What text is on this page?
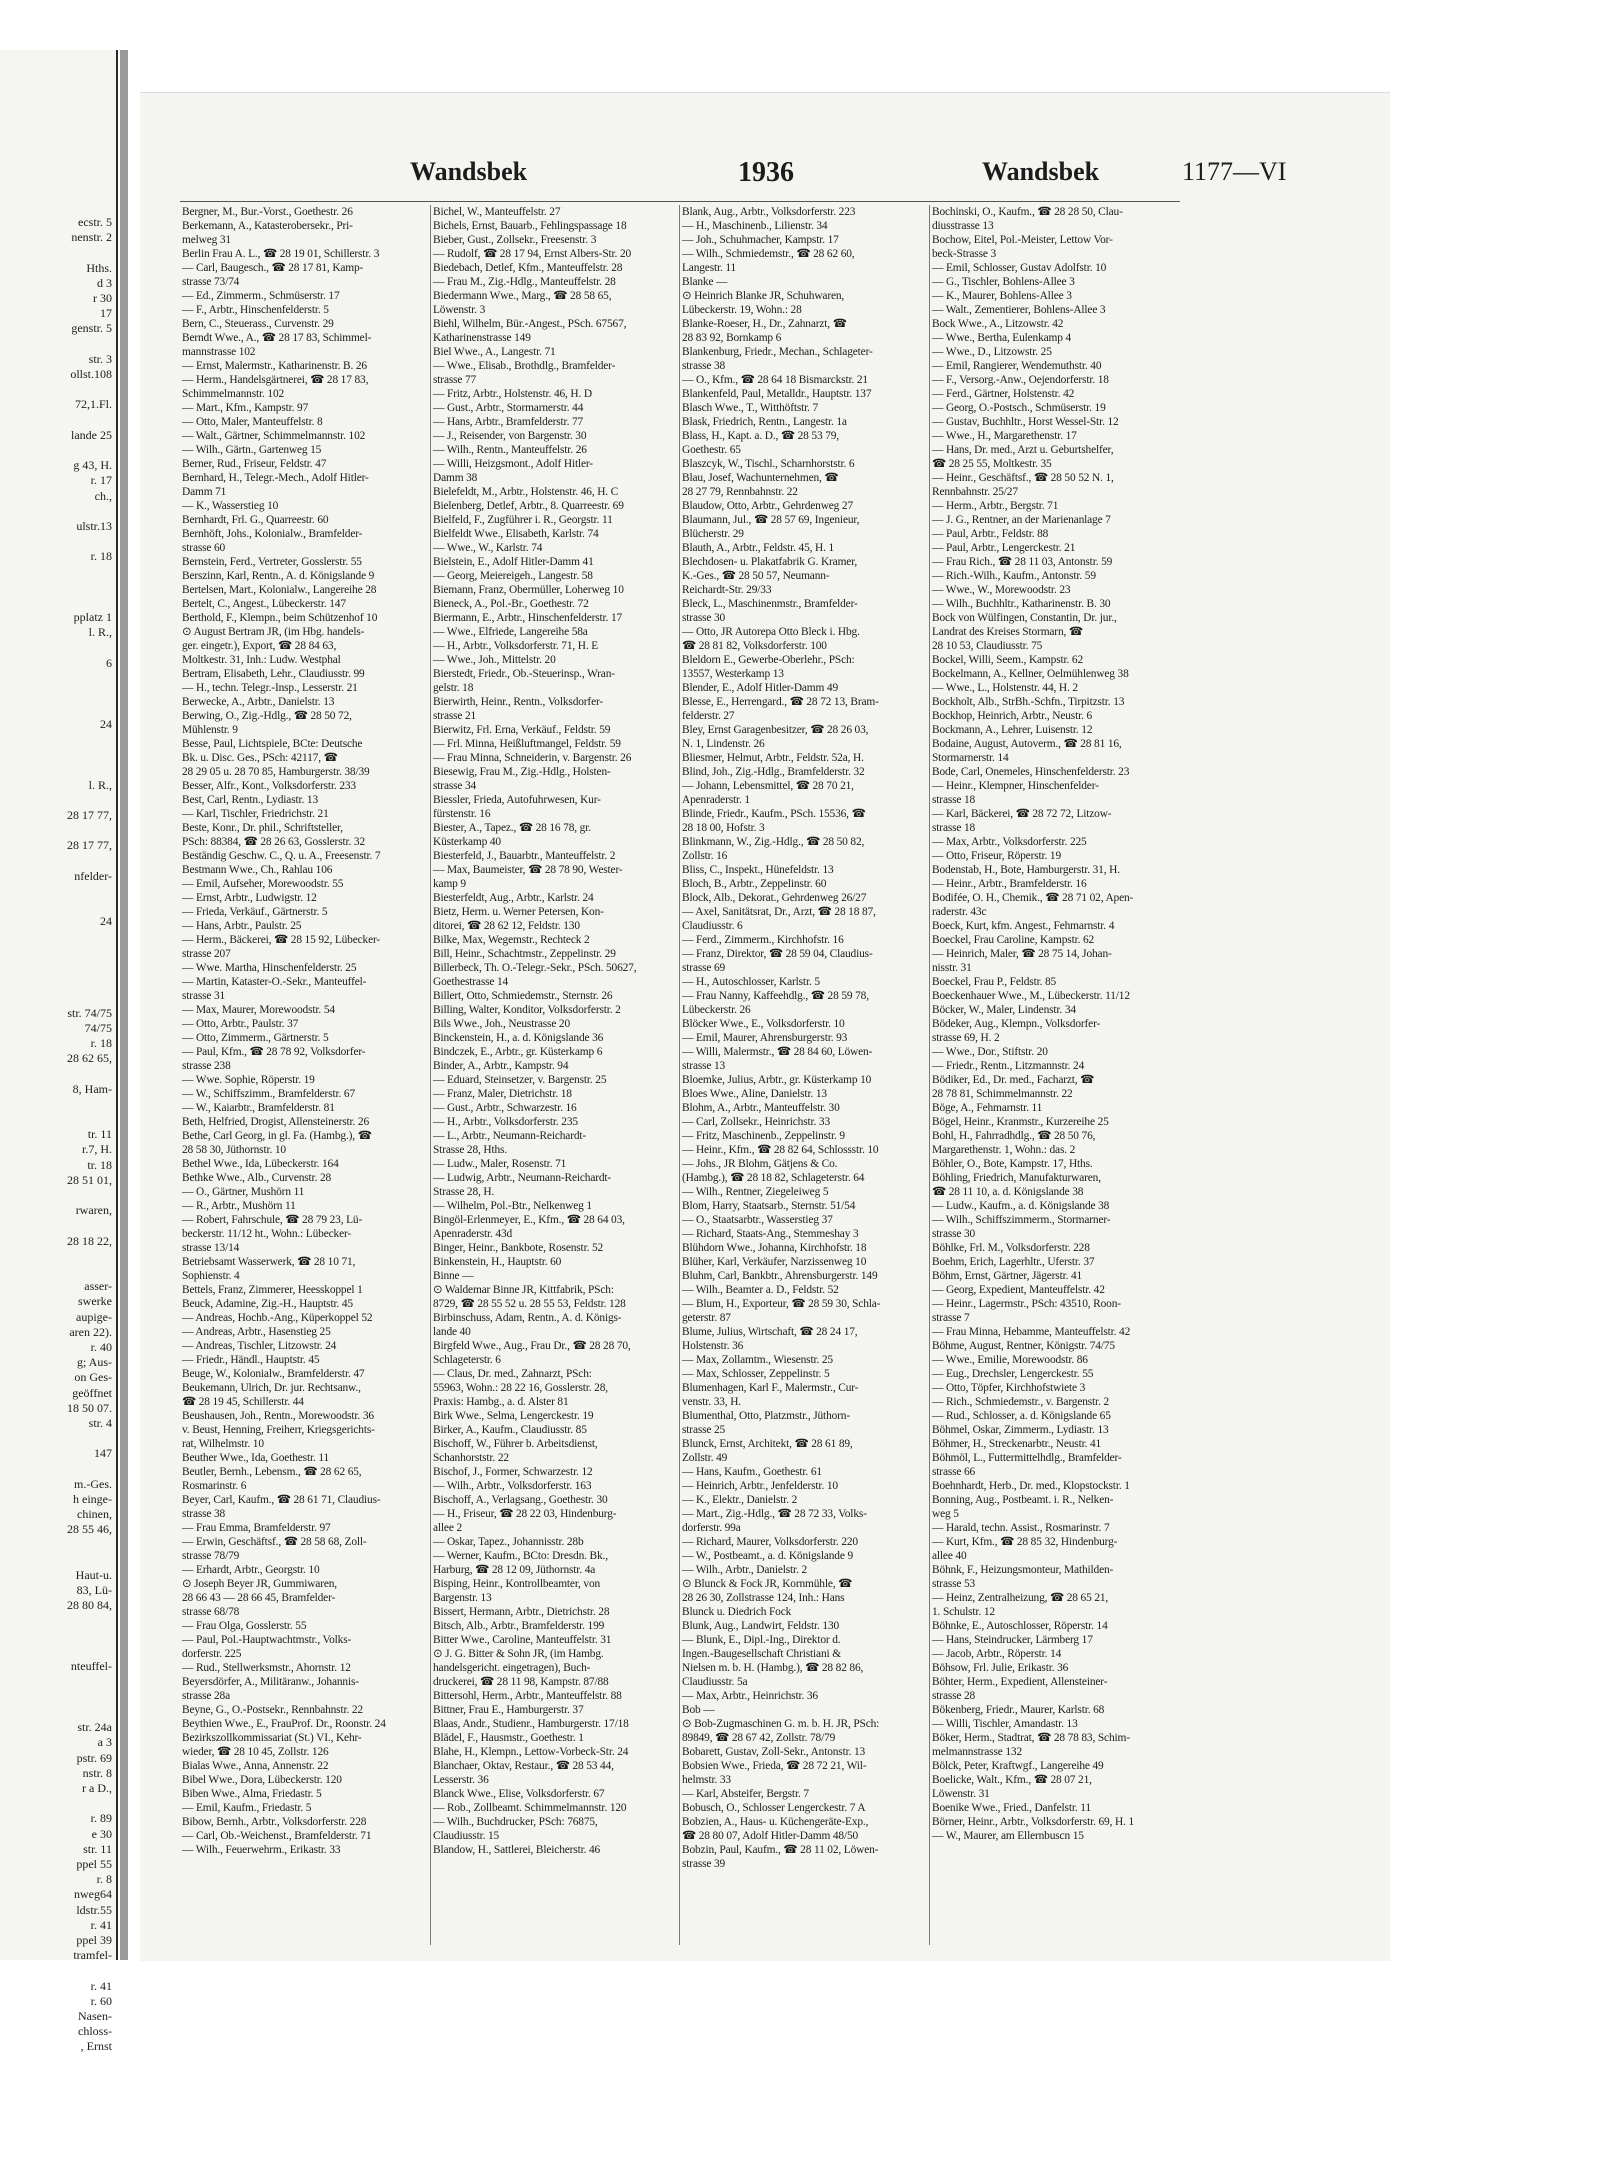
ecstr. 5
nenstr. 2

Hths.
d 3
r 30
17
genstr. 5

str. 3
ollst.108

72,1.Fl.

lande 25

g 43, H.
r. 17
ch.,

ulstr.13

r. 18

pplatz 1
l. R.,

6

24

l. R.,

28 17 77,

28 17 77,

nfelder-

24

str. 74/75
74/75
r. 18
28 62 65,

8, Ham-

tr. 11
r.7, H.
tr. 18
28 51 01,

rwaren,

28 18 22,

asser-
swerke
aupige-
aren 22).
r. 40
g; Aus-
on Ges-
geöffnet
18 50 07.
str. 4

147

m.-Ges.
h einge-
chinen,
28 55 46,

Haut-u.
83, Lü-
28 80 84,

nteuffel-

str. 24a
a 3
pstr. 69
nstr. 8
r a D.,

r. 89
e 30
str. 11
ppel 55
r. 8
nweg64
ldstr.55
r. 41
ppel 39
tramfel-

r. 41
r. 60
Nasen-
chloss-
, Ernst
Wandsbek	1936	Wandsbek	1177—VI
Bergner, M., Bur.-Vorst., Goethestr. 26
Berkemann, A., Katasterobersekr., Pri-
melweg 31
Berlin Frau A. L., ☎ 28 19 01, Schillerstr. 3
— Carl, Baugesch., ☎ 28 17 81, Kamp-
strasse 73/74
— Ed., Zimmerm., Schmüserstr. 17
— F., Arbtr., Hinschenfelderstr. 5
Bern, C., Steuerass., Curvenstr. 29
Berndt Wwe., A., ☎ 28 17 83, Schimmel-
mannstrasse 102
— Ernst, Malermstr., Katharinenstr. B. 26
— Herm., Handelsgärtnerei, ☎ 28 17 83,
Schimmelmannstr. 102
— Mart., Kfm., Kampstr. 97
— Otto, Maler, Manteuffelstr. 8
— Walt., Gärtner, Schimmelmannstr. 102
— Wilh., Gärtn., Gartenweg 15
Berner, Rud., Friseur, Feldstr. 47
Bernhard, H., Telegr.-Mech., Adolf Hitler-
Damm 71
— K., Wasserstieg 10
Bernhardt, Frl. G., Quarreestr. 60
Bernhöft, Johs., Kolonialw., Bramfelder-
strasse 60
Bernstein, Ferd., Vertreter, Gosslerstr. 55
Berszinn, Karl, Rentn., A. d. Königslande 9
Bertelsen, Mart., Kolonialw., Langereihe 28
Bertelt, C., Angest., Lübeckerstr. 147
Berthold, F., Klempn., beim Schützenhof 10
⊙ August Bertram JR, (im Hbg. handels-
ger. eingetr.), Export, ☎ 28 84 63,
Moltkestr. 31, Inh.: Ludw. Westphal
Bertram, Elisabeth, Lehr., Claudiusstr. 99
— H., techn. Telegr.-Insp., Lesserstr. 21
Berwecke, A., Arbtr., Danielstr. 13
Berwing, O., Zig.-Hdlg., ☎ 28 50 72,
Mühlenstr. 9
Besse, Paul, Lichtspiele, BCte: Deutsche
Bk. u. Disc. Ges., PSch: 42117, ☎
28 29 05 u. 28 70 85, Hamburgerstr. 38/39
Besser, Alfr., Kont., Volksdorferstr. 233
Best, Carl, Rentn., Lydiastr. 13
— Karl, Tischler, Friedrichstr. 21
Beste, Konr., Dr. phil., Schriftsteller,
PSch: 88384, ☎ 28 26 63, Gosslerstr. 32
Beständig Geschw. C., Q. u. A., Freesenstr. 7
Bestmann Wwe., Ch., Rahlau 106
— Emil, Aufseher, Morewoodstr. 55
— Ernst, Arbtr., Ludwigstr. 12
— Frieda, Verkäuf., Gärtnerstr. 5
— Hans, Arbtr., Paulstr. 25
— Herm., Bäckerei, ☎ 28 15 92, Lübecker-
strasse 207
— Wwe. Martha, Hinschenfelderstr. 25
— Martin, Kataster-O.-Sekr., Manteuffel-
strasse 31
— Max, Maurer, Morewoodstr. 54
— Otto, Arbtr., Paulstr. 37
— Otto, Zimmerm., Gärtnerstr. 5
— Paul, Kfm., ☎ 28 78 92, Volksdorfer-
strasse 238
— Wwe. Sophie, Röperstr. 19
— W., Schiffszimm., Bramfelderstr. 67
— W., Kaiarbtr., Bramfelderstr. 81
Beth, Helfried, Drogist, Allensteinerstr. 26
Bethe, Carl Georg, in gl. Fa. (Hambg.), ☎
28 58 30, Jüthornstr. 10
Bethel Wwe., Ida, Lübeckerstr. 164
Bethke Wwe., Alb., Curvenstr. 28
— O., Gärtner, Mushörn 11
— R., Arbtr., Mushörn 11
— Robert, Fahrschule, ☎ 28 79 23, Lü-
beckerstr. 11/12 ht., Wohn.: Lübecker-
strasse 13/14
Betriebsamt Wasserwerk, ☎ 28 10 71,
Sophienstr. 4
Bettels, Franz, Zimmerer, Heesskoppel 1
Beuck, Adamine, Zig.-H., Hauptstr. 45
— Andreas, Hochb.-Ang., Küperkoppel 52
— Andreas, Arbtr., Hasenstieg 25
— Andreas, Tischler, Litzowstr. 24
— Friedr., Händl., Hauptstr. 45
Beuge, W., Kolonialw., Bramfelderstr. 47
Beukemann, Ulrich, Dr. jur. Rechtsanw.,
☎ 28 19 45, Schillerstr. 44
Beushausen, Joh., Rentn., Morewoodstr. 36
v. Beust, Henning, Freiherr, Kriegsgerichts-
rat, Wilhelmstr. 10
Beuther Wwe., Ida, Goethestr. 11
Beutler, Bernh., Lebensm., ☎ 28 62 65,
Rosmarinstr. 6
Beyer, Carl, Kaufm., ☎ 28 61 71, Claudius-
strasse 38
— Frau Emma, Bramfelderstr. 97
— Erwin, Geschäftsf., ☎ 28 58 68, Zoll-
strasse 78/79
— Erhardt, Arbtr., Georgstr. 10
⊙ Joseph Beyer JR, Gummiwaren,
28 66 43 — 28 66 45, Bramfelder-
strasse 68/78
— Frau Olga, Gosslerstr. 55
— Paul, Pol.-Hauptwachtmstr., Volks-
dorferstr. 225
— Rud., Stellwerksmstr., Ahornstr. 12
Beyersdörfer, A., Militäranw., Johannis-
strasse 28a
Beyne, G., O.-Postsekr., Rennbahnstr. 22
Beythien Wwe., E., FrauProf. Dr., Roonstr. 24
Bezirkszollkommissariat (St.) VI., Kehr-
wieder, ☎ 28 10 45, Zollstr. 126
Bialas Wwe., Anna, Annenstr. 22
Bibel Wwe., Dora, Lübeckerstr. 120
Biben Wwe., Alma, Friedastr. 5
— Emil, Kaufm., Friedastr. 5
Bibow, Bernh., Arbtr., Volksdorferstr. 228
— Carl, Ob.-Weichenst., Bramfelderstr. 71
— Wilh., Feuerwehrm., Erikastr. 33
Bichel, W., Manteuffelstr. 27
Bichels, Ernst, Bauarb., Fehlingspassage 18
Bieber, Gust., Zollsekr., Freesenstr. 3
— Rudolf, ☎ 28 17 94, Ernst Albers-Str. 20
Biedebach, Detlef, Kfm., Manteuffelstr. 28
— Frau M., Zig.-Hdlg., Manteuffelstr. 28
Biedermann Wwe., Marg., ☎ 28 58 65,
Löwenstr. 3
Biehl, Wilhelm, Bür.-Angest., PSch. 67567,
Katharinenstrasse 149
Biel Wwe., A., Langestr. 71
— Wwe., Elisab., Brothdlg., Bramfelder-
strasse 77
— Fritz, Arbtr., Holstenstr. 46, H. D
— Gust., Arbtr., Stormarnerstr. 44
— Hans, Arbtr., Bramfelderstr. 77
— J., Reisender, von Bargenstr. 30
— Wilh., Rentn., Manteuffelstr. 26
— Willi, Heizgsmont., Adolf Hitler-
Damm 38
Bielefeldt, M., Arbtr., Holstenstr. 46, H. C
Bielenberg, Detlef, Arbtr., 8. Quarreestr. 69
Bielfeld, F., Zugführer i. R., Georgstr. 11
Bielfeldt Wwe., Elisabeth, Karlstr. 74
— Wwe., W., Karlstr. 74
Bielstein, E., Adolf Hitler-Damm 41
— Georg, Meiereigeh., Langestr. 58
Biemann, Franz, Obermüller, Loherweg 10
Bieneck, A., Pol.-Br., Goethestr. 72
Biermann, E., Arbtr., Hinschenfelderstr. 17
— Wwe., Elfriede, Langereihe 58a
— H., Arbtr., Volksdorferstr. 71, H. E
— Wwe., Joh., Mittelstr. 20
Bierstedt, Friedr., Ob.-Steuerinsp., Wran-
gelstr. 18
Bierwirth, Heinr., Rentn., Volksdorfer-
strasse 21
Bierwitz, Frl. Erna, Verkäuf., Feldstr. 59
— Frl. Minna, Heißluftmangel, Feldstr. 59
— Frau Minna, Schneiderin, v. Bargenstr. 26
Biesewig, Frau M., Zig.-Hdlg., Holsten-
strasse 34
Biessler, Frieda, Autofuhrwesen, Kur-
fürstenstr. 16
Biester, A., Tapez., ☎ 28 16 78, gr.
Küsterkamp 40
Biesterfeld, J., Bauarbtr., Manteuffelstr. 2
— Max, Baumeister, ☎ 28 78 90, Wester-
kamp 9
Biesterfeldt, Aug., Arbtr., Karlstr. 24
Bietz, Herm. u. Werner Petersen, Kon-
ditorei, ☎ 28 62 12, Feldstr. 130
Bilke, Max, Wegemstr., Rechteck 2
Bill, Heinr., Schachtmstr., Zeppelinstr. 29
Billerbeck, Th. O.-Telegr.-Sekr., PSch. 50627,
Goethestrasse 14
Billert, Otto, Schmiedemstr., Sternstr. 26
Billing, Walter, Konditor, Volksdorferstr. 2
Bils Wwe., Joh., Neustrasse 20
Binckenstein, H., a. d. Königslande 36
Bindczek, E., Arbtr., gr. Küsterkamp 6
Binder, A., Arbtr., Kampstr. 94
— Eduard, Steinsetzer, v. Bargenstr. 25
— Franz, Maler, Dietrichstr. 18
— Gust., Arbtr., Schwarzestr. 16
— H., Arbtr., Volksdorferstr. 235
— L., Arbtr., Neumann-Reichardt-
Strasse 28, Hths.
— Ludw., Maler, Rosenstr. 71
— Ludwig, Arbtr., Neumann-Reichardt-
Strasse 28, H.
— Wilhelm, Pol.-Btr., Nelkenweg 1
Bingöl-Erlenmeyer, E., Kfm., ☎ 28 64 03,
Apenraderstr. 43d
Binger, Heinr., Bankbote, Rosenstr. 52
Binkenstein, H., Hauptstr. 60
Binne —
⊙ Waldemar Binne JR, Kittfabrik, PSch:
8729, ☎ 28 55 52 u. 28 55 53, Feldstr. 128
Birbinschuss, Adam, Rentn., A. d. Königs-
lande 40
Birgfeld Wwe., Aug., Frau Dr., ☎ 28 28 70,
Schlageterstr. 6
— Claus, Dr. med., Zahnarzt, PSch:
55963, Wohn.: 28 22 16, Gosslerstr. 28,
Praxis: Hambg., a. d. Alster 81
Birk Wwe., Selma, Lengerckestr. 19
Birker, A., Kaufm., Claudiusstr. 85
Bischoff, W., Führer b. Arbeitsdienst,
Schanhorststr. 22
Bischof, J., Former, Schwarzestr. 12
— Wilh., Arbtr., Volksdorferstr. 163
Bischoff, A., Verlagsang., Goethestr. 30
— H., Friseur, ☎ 28 22 03, Hindenburg-
allee 2
— Oskar, Tapez., Johannisstr. 28b
— Werner, Kaufm., BCto: Dresdn. Bk.,
Harburg, ☎ 28 12 09, Jüthornstr. 4a
Bisping, Heinr., Kontrollbeamter, von
Bargenstr. 13
Bissert, Hermann, Arbtr., Dietrichstr. 28
Bitsch, Alb., Arbtr., Bramfelderstr. 199
Bitter Wwe., Caroline, Manteuffelstr. 31
⊙ J. G. Bitter & Sohn JR, (im Hambg.
handelsgericht. eingetragen), Buch-
druckerei, ☎ 28 11 98, Kampstr. 87/88
Bittersohl, Herm., Arbtr., Manteuffelstr. 88
Bittner, Frau E., Hamburgerstr. 37
Blaas, Andr., Studienr., Hamburgerstr. 17/18
Blädel, F., Hausmstr., Goethestr. 1
Blahe, H., Klempn., Lettow-Vorbeck-Str. 24
Blanchaer, Oktav, Restaur., ☎ 28 53 44,
Lesserstr. 36
Blanck Wwe., Elise, Volksdorferstr. 67
— Rob., Zollbeamt. Schimmelmannstr. 120
— Wilh., Buchdrucker, PSch: 76875,
Claudiusstr. 15
Blandow, H., Sattlerei, Bleicherstr. 46
Blank, Aug., Arbtr., Volksdorferstr. 223
— H., Maschinenb., Lilienstr. 34
— Joh., Schuhmacher, Kampstr. 17
— Wilh., Schmiedemstr., ☎ 28 62 60,
Langestr. 11
Blanke —
⊙ Heinrich Blanke JR, Schuhwaren,
Lübeckerstr. 19, Wohn.: 28
Blanke-Roeser, H., Dr., Zahnarzt, ☎
28 83 92, Bornkamp 6
Blankenburg, Friedr., Mechan., Schlageter-
strasse 38
— O., Kfm., ☎ 28 64 18 Bismarckstr. 21
Blankenfeld, Paul, Metalldr., Hauptstr. 137
Blasch Wwe., T., Witthöftstr. 7
Blask, Friedrich, Rentn., Langestr. 1a
Blass, H., Kapt. a. D., ☎ 28 53 79,
Goethestr. 65
Blaszcyk, W., Tischl., Scharnhorststr. 6
Blau, Josef, Wachunternehmen, ☎
28 27 79, Rennbahnstr. 22
Blaudow, Otto, Arbtr., Gehrdenweg 27
Blaumann, Jul., ☎ 28 57 69, Ingenieur,
Blücherstr. 29
Blauth, A., Arbtr., Feldstr. 45, H. 1
Blechdosen- u. Plakatfabrik G. Kramer,
K.-Ges., ☎ 28 50 57, Neumann-
Reichardt-Str. 29/33
Bleck, L., Maschinenmstr., Bramfelder-
strasse 30
— Otto, JR Autorepa Otto Bleck i. Hbg.
☎ 28 81 82, Volksdorferstr. 100
Bleldorn E., Gewerbe-Oberlehr., PSch:
13557, Westerkamp 13
Blender, E., Adolf Hitler-Damm 49
Blesse, E., Herrengard., ☎ 28 72 13, Bram-
felderstr. 27
Bley, Ernst Garagenbesitzer, ☎ 28 26 03,
N. 1, Lindenstr. 26
Bliesmer, Helmut, Arbtr., Feldstr. 52a, H.
Blind, Joh., Zig.-Hdlg., Bramfelderstr. 32
— Johann, Lebensmittel, ☎ 28 70 21,
Apenraderstr. 1
Blinde, Friedr., Kaufm., PSch. 15536, ☎
28 18 00, Hofstr. 3
Blinkmann, W., Zig.-Hdlg., ☎ 28 50 82,
Zollstr. 16
Bliss, C., Inspekt., Hünefeldstr. 13
Bloch, B., Arbtr., Zeppelinstr. 60
Block, Alb., Dekorat., Gehrdenweg 26/27
— Axel, Sanitätsrat, Dr., Arzt, ☎ 28 18 87,
Claudiusstr. 6
— Ferd., Zimmerm., Kirchhofstr. 16
— Franz, Direktor, ☎ 28 59 04, Claudius-
strasse 69
— H., Autoschlosser, Karlstr. 5
— Frau Nanny, Kaffeehdlg., ☎ 28 59 78,
Lübeckerstr. 26
Blöcker Wwe., E., Volksdorferstr. 10
— Emil, Maurer, Ahrensburgerstr. 93
— Willi, Malermstr., ☎ 28 84 60, Löwen-
strasse 13
Bloemke, Julius, Arbtr., gr. Küsterkamp 10
Bloes Wwe., Aline, Danielstr. 13
Blohm, A., Arbtr., Manteuffelstr. 30
— Carl, Zollsekr., Heinrichstr. 33
— Fritz, Maschinenb., Zeppelinstr. 9
— Heinr., Kfm., ☎ 28 82 64, Schlossstr. 10
— Johs., JR Blohm, Gätjens & Co.
(Hambg.), ☎ 28 18 82, Schlageterstr. 64
— Wilh., Rentner, Ziegeleiweg 5
Blom, Harry, Staatsarb., Sternstr. 51/54
— O., Staatsarbtr., Wasserstieg 37
— Richard, Staats-Ang., Stemmeshay 3
Blühdorn Wwe., Johanna, Kirchhofstr. 18
Blüher, Karl, Verkäufer, Narzissenweg 10
Bluhm, Carl, Bankbtr., Ahrensburgerstr. 149
— Wilh., Beamter a. D., Feldstr. 52
— Blum, H., Exporteur, ☎ 28 59 30, Schla-
geterstr. 87
Blume, Julius, Wirtschaft, ☎ 28 24 17,
Holstenstr. 36
— Max, Zollamtm., Wiesenstr. 25
— Max, Schlosser, Zeppelinstr. 5
Blumenhagen, Karl F., Malermstr., Cur-
venstr. 33, H.
Blumenthal, Otto, Platzmstr., Jüthorn-
strasse 25
Blunck, Ernst, Architekt, ☎ 28 61 89,
Zollstr. 49
— Hans, Kaufm., Goethestr. 61
— Heinrich, Arbtr., Jenfelderstr. 10
— K., Elektr., Danielstr. 2
— Mart., Zig.-Hdlg., ☎ 28 72 33, Volks-
dorferstr. 99a
— Richard, Maurer, Volksdorferstr. 220
— W., Postbeamt., a. d. Königslande 9
— Wilh., Arbtr., Danielstr. 2
⊙ Blunck & Fock JR, Kornmühle, ☎
28 26 30, Zollstrasse 124, Inh.: Hans
Blunck u. Diedrich Fock
Blunk, Aug., Landwirt, Feldstr. 130
— Blunk, E., Dipl.-Ing., Direktor d.
Ingen.-Baugesellschaft Christiani &
Nielsen m. b. H. (Hambg.), ☎ 28 82 86,
Claudiusstr. 5a
— Max, Arbtr., Heinrichstr. 36
Bob —
⊙ Bob-Zugmaschinen G. m. b. H. JR, PSch:
89849, ☎ 28 67 42, Zollstr. 78/79
Bobarett, Gustav, Zoll-Sekr., Antonstr. 13
Bobsien Wwe., Frieda, ☎ 28 72 21, Wil-
helmstr. 33
— Karl, Absteifer, Bergstr. 7
Bobusch, O., Schlosser Lengerckestr. 7 A
Bobzien, A., Haus- u. Küchengeräte-Exp.,
☎ 28 80 07, Adolf Hitler-Damm 48/50
Bobzin, Paul, Kaufm., ☎ 28 11 02, Löwen-
strasse 39
Bochinski, O., Kaufm., ☎ 28 28 50, Clau-
diusstrasse 13
Bochow, Eitel, Pol.-Meister, Lettow Vor-
beck-Strasse 3
— Emil, Schlosser, Gustav Adolfstr. 10
— G., Tischler, Bohlens-Allee 3
— K., Maurer, Bohlens-Allee 3
— Walt., Zementierer, Bohlens-Allee 3
Bock Wwe., A., Litzowstr. 42
— Wwe., Bertha, Eulenkamp 4
— Wwe., D., Litzowstr. 25
— Emil, Rangierer, Wendemuthstr. 40
— F., Versorg.-Anw., Oejendorferstr. 18
— Ferd., Gärtner, Holstenstr. 42
— Georg, O.-Postsch., Schmüserstr. 19
— Gustav, Buchhltr., Horst Wessel-Str. 12
— Wwe., H., Margarethenstr. 17
— Hans, Dr. med., Arzt u. Geburtshelfer,
☎ 28 25 55, Moltkestr. 35
— Heinr., Geschäftsf., ☎ 28 50 52 N. 1,
Rennbahnstr. 25/27
— Herm., Arbtr., Bergstr. 71
— J. G., Rentner, an der Marienanlage 7
— Paul, Arbtr., Feldstr. 88
— Paul, Arbtr., Lengerckestr. 21
— Frau Rich., ☎ 28 11 03, Antonstr. 59
— Rich.-Wilh., Kaufm., Antonstr. 59
— Wwe., W., Morewoodstr. 23
— Wilh., Buchhltr., Katharinenstr. B. 30
Bock von Wülfingen, Constantin, Dr. jur.,
Landrat des Kreises Stormarn, ☎
28 10 53, Claudiusstr. 75
Bockel, Willi, Seem., Kampstr. 62
Bockelmann, A., Kellner, Oelmühlenweg 38
— Wwe., L., Holstenstr. 44, H. 2
Bockholt, Alb., StrBh.-Schfn., Tirpitzstr. 13
Bockhop, Heinrich, Arbtr., Neustr. 6
Bockmann, A., Lehrer, Luisenstr. 12
Bodaine, August, Autoverm., ☎ 28 81 16,
Stormarnerstr. 14
Bode, Carl, Onemeles, Hinschenfelderstr. 23
— Heinr., Klempner, Hinschenfelder-
strasse 18
— Karl, Bäckerei, ☎ 28 72 72, Litzow-
strasse 18
— Max, Arbtr., Volksdorferstr. 225
— Otto, Friseur, Röperstr. 19
Bodenstab, H., Bote, Hamburgerstr. 31, H.
— Heinr., Arbtr., Bramfelderstr. 16
Bodifée, O. H., Chemik., ☎ 28 71 02, Apen-
raderstr. 43c
Boeck, Kurt, kfm. Angest., Fehmarnstr. 4
Boeckel, Frau Caroline, Kampstr. 62
— Heinrich, Maler, ☎ 28 75 14, Johan-
nisstr. 31
Boeckel, Frau P., Feldstr. 85
Boeckenhauer Wwe., M., Lübeckerstr. 11/12
Böcker, W., Maler, Lindenstr. 34
Bödeker, Aug., Klempn., Volksdorfer-
strasse 69, H. 2
— Wwe., Dor., Stiftstr. 20
— Friedr., Rentn., Litzmannstr. 24
Bödiker, Ed., Dr. med., Facharzt, ☎
28 78 81, Schimmelmannstr. 22
Böge, A., Fehmarnstr. 11
Bögel, Heinr., Kranmstr., Kurzereihe 25
Bohl, H., Fahrradhdlg., ☎ 28 50 76,
Margarethenstr. 1, Wohn.: das. 2
Böhler, O., Bote, Kampstr. 17, Hths.
Böhling, Friedrich, Manufakturwaren,
☎ 28 11 10, a. d. Königslande 38
— Ludw., Kaufm., a. d. Königslande 38
— Wilh., Schiffszimmerm., Stormarner-
strasse 30
Böhlke, Frl. M., Volksdorferstr. 228
Boehm, Erich, Lagerhltr., Uferstr. 37
Böhm, Ernst, Gärtner, Jägerstr. 41
— Georg, Expedient, Manteuffelstr. 42
— Heinr., Lagermstr., PSch: 43510, Roon-
strasse 7
— Frau Minna, Hebamme, Manteuffelstr. 42
Böhme, August, Rentner, Königstr. 74/75
— Wwe., Emilie, Morewoodstr. 86
— Eug., Drechsler, Lengerckestr. 55
— Otto, Töpfer, Kirchhofstwiete 3
— Rich., Schmiedemstr., v. Bargenstr. 2
— Rud., Schlosser, a. d. Königslande 65
Böhmel, Oskar, Zimmerm., Lydiastr. 13
Böhmer, H., Streckenarbtr., Neustr. 41
Böhmöl, L., Futtermittelhdlg., Bramfelder-
strasse 66
Boehnhardt, Herb., Dr. med., Klopstockstr. 1
Bonning, Aug., Postbeamt. i. R., Nelken-
weg 5
— Harald, techn. Assist., Rosmarinstr. 7
— Kurt, Kfm., ☎ 28 85 32, Hindenburg-
allee 40
Böhnk, F., Heizungsmonteur, Mathilden-
strasse 53
— Heinz, Zentralheizung, ☎ 28 65 21,
1. Schulstr. 12
Böhnke, E., Autoschlosser, Röperstr. 14
— Hans, Steindrucker, Lärmberg 17
— Jacob, Arbtr., Röperstr. 14
Böhsow, Frl. Julie, Erikastr. 36
Böhter, Herm., Expedient, Allensteiner-
strasse 28
Bökenberg, Friedr., Maurer, Karlstr. 68
— Willi, Tischler, Amandastr. 13
Böker, Herm., Stadtrat, ☎ 28 78 83, Schim-
melmannstrasse 132
Bölck, Peter, Kraftwgf., Langereihe 49
Boelicke, Walt., Kfm., ☎ 28 07 21,
Löwenstr. 31
Boenike Wwe., Fried., Danfelstr. 11
Börner, Heinr., Arbtr., Volksdorferstr. 69, H. 1
— W., Maurer, am Ellernbuscn 15
